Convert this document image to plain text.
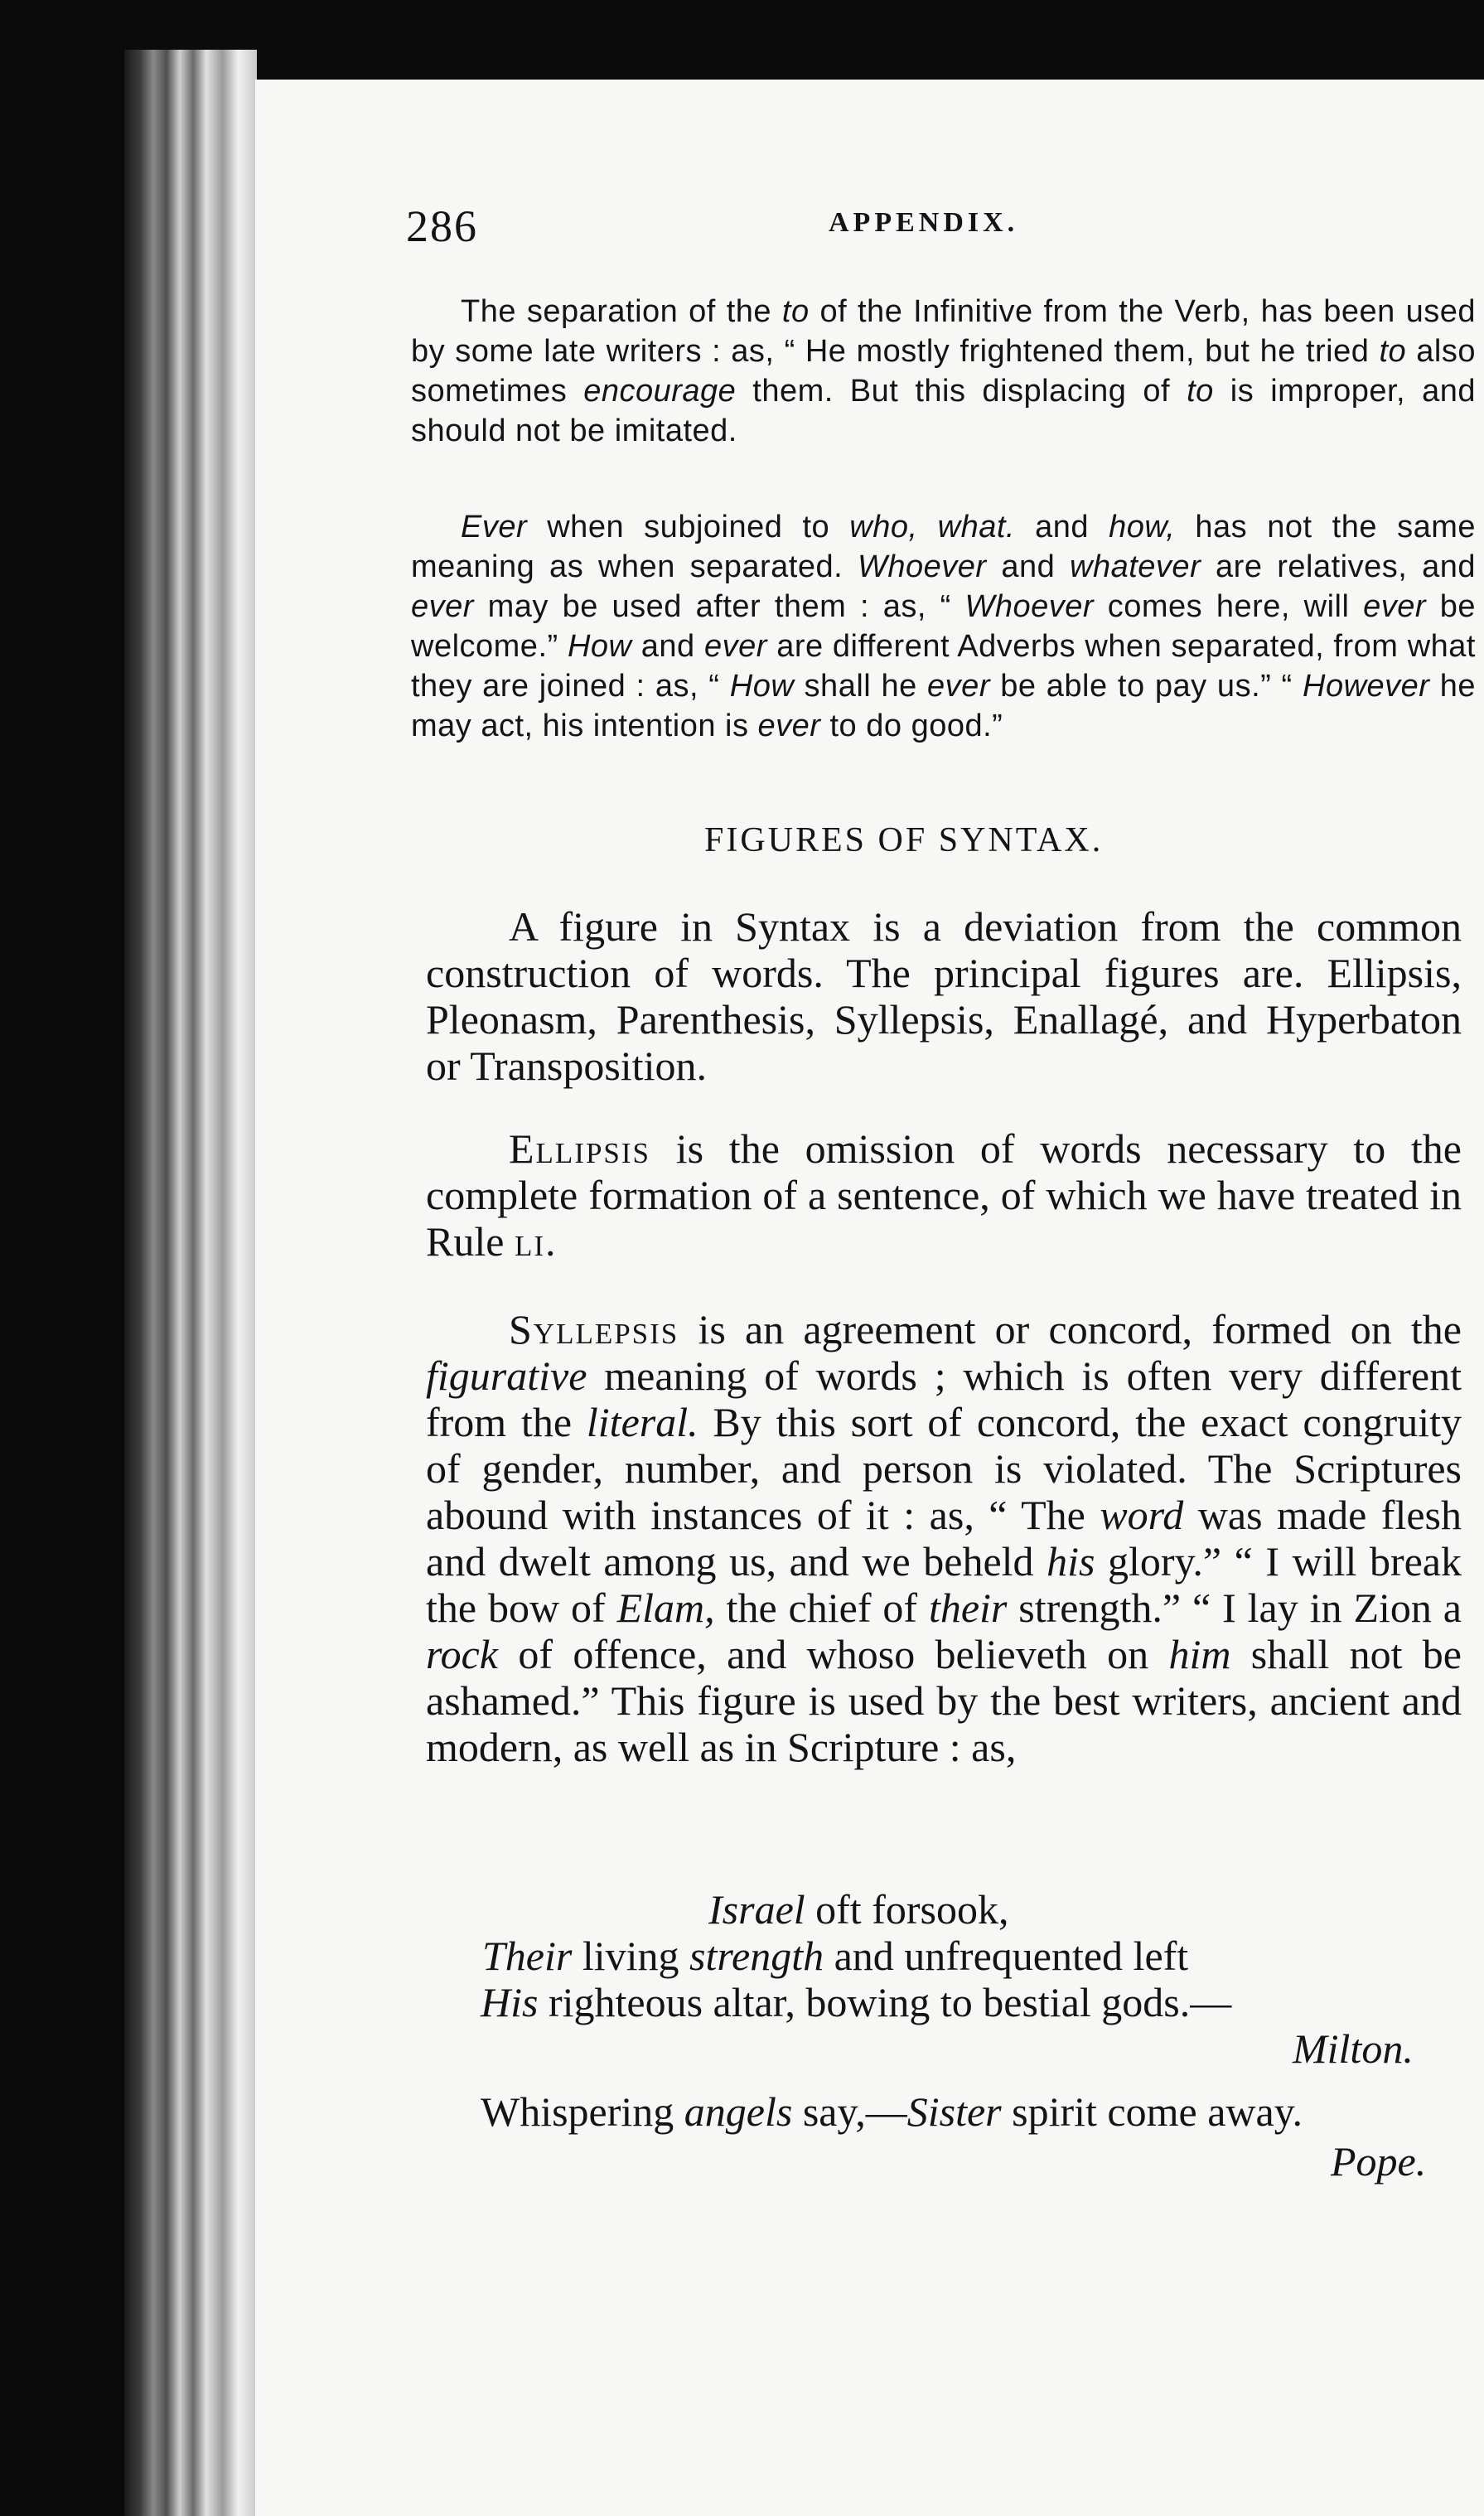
286	APPENDIX.

The separation of the to of the Infinitive from the Verb, has been used by some late writers : as, “ He mostly frightened them, but he tried to also sometimes encourage them. But this displacing of to is improper, and should not be imitated.

Ever when subjoined to who, what. and how, has not the same meaning as when separated. Whoever and whatever are relatives, and ever may be used after them : as, “ Whoever comes here, will ever be welcome.” How and ever are different Adverbs when separated, from what they are joined : as, “ How shall he ever be able to pay us.” “ However he may act, his intention is ever to do good.”

FIGURES OF SYNTAX.

A figure in Syntax is a deviation from the common construction of words. The principal figures are. Ellipsis, Pleonasm, Parenthesis, Syllepsis, Enallagé, and Hyperbaton or Transposition.

Ellipsis is the omission of words necessary to the complete formation of a sentence, of which we have treated in Rule li.

Syllepsis is an agreement or concord, formed on the figurative meaning of words ; which is often very different from the literal. By this sort of concord, the exact congruity of gender, number, and person is violated. The Scriptures abound with instances of it : as, “ The word was made flesh and dwelt among us, and we beheld his glory.” “ I will break the bow of Elam, the chief of their strength.” “ I lay in Zion a rock of offence, and whoso believeth on him shall not be ashamed.” This figure is used by the best writers, ancient and modern, as well as in Scripture : as,

Israel oft forsook,
Their living strength and unfrequented left
His righteous altar, bowing to bestial gods.—
Milton.
Whispering angels say,—Sister spirit come away.
Pope.
